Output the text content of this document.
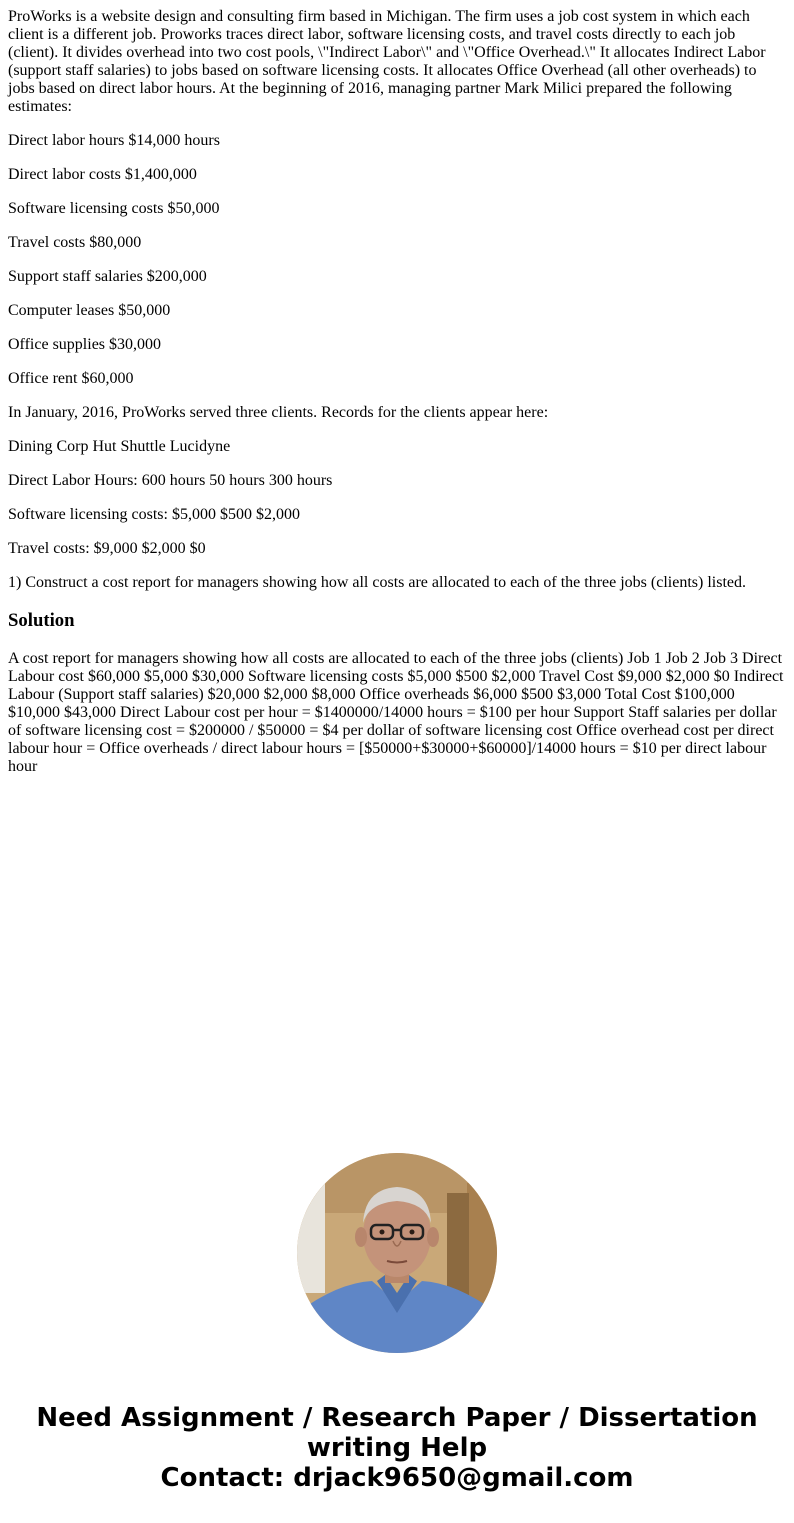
ProWorks is a website design and consulting firm based in Michigan. The firm uses a job cost system in which each client is a different job. Proworks traces direct labor, software licensing costs, and travel costs directly to each job (client). It divides overhead into two cost pools, \"Indirect Labor\" and \"Office Overhead.\" It allocates Indirect Labor (support staff salaries) to jobs based on software licensing costs. It allocates Office Overhead (all other overheads) to jobs based on direct labor hours. At the beginning of 2016, managing partner Mark Milici prepared the following estimates:

Direct labor hours $14,000 hours

Direct labor costs $1,400,000

Software licensing costs $50,000

Travel costs $80,000

Support staff salaries $200,000

Computer leases $50,000

Office supplies $30,000

Office rent $60,000

In January, 2016, ProWorks served three clients. Records for the clients appear here:

Dining Corp Hut Shuttle Lucidyne

Direct Labor Hours: 600 hours 50 hours 300 hours

Software licensing costs: $5,000 $500 $2,000

Travel costs: $9,000 $2,000 $0

1) Construct a cost report for managers showing how all costs are allocated to each of the three jobs (clients) listed.

Solution

A cost report for managers showing how all costs are allocated to each of the three jobs (clients) Job 1 Job 2 Job 3 Direct Labour cost $60,000 $5,000 $30,000 Software licensing costs $5,000 $500 $2,000 Travel Cost $9,000 $2,000 $0 Indirect Labour (Support staff salaries) $20,000 $2,000 $8,000 Office overheads $6,000 $500 $3,000 Total Cost $100,000 $10,000 $43,000 Direct Labour cost per hour = $1400000/14000 hours = $100 per hour Support Staff salaries per dollar of software licensing cost = $200000 / $50000 = $4 per dollar of software licensing cost Office overhead cost per direct labour hour = Office overheads / direct labour hours = [$50000+$30000+$60000]/14000 hours = $10 per direct labour hour

Need Assignment / Research Paper / Dissertation
writing Help
Contact: drjack9650@gmail.com
